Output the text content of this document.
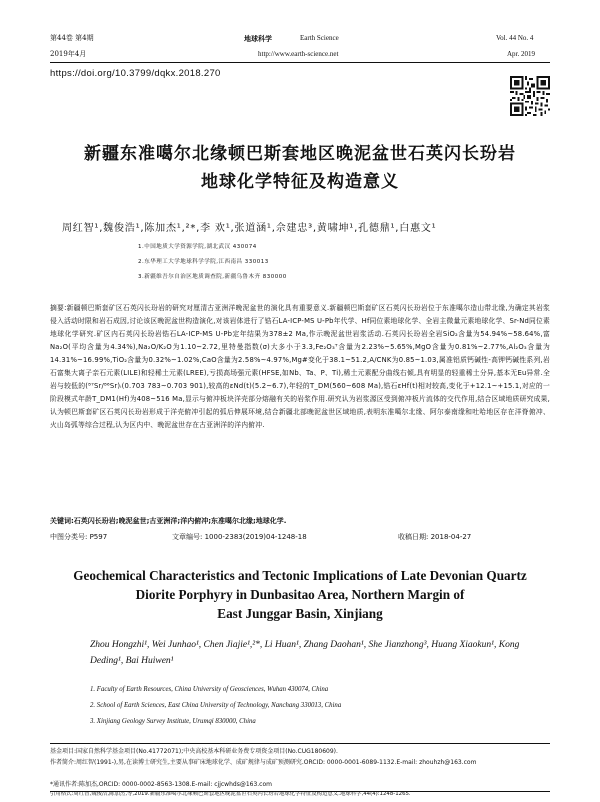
第44卷 第4期	地球科学	Earth Science	Vol. 44 No. 4
2019年4月	http://www.earth-science.net	Apr. 2019
https://doi.org/10.3799/dqkx.2018.270
新疆东准噶尔北缘顿巴斯套地区晚泥盆世石英闪长玢岩
地球化学特征及构造意义
周红智¹,魏俊浩¹,陈加杰¹,²*,李 欢¹,张道涵¹,佘建忠³,黄啸坤¹,孔德鼎¹,白惠文¹
1.中国地质大学资源学院,湖北武汉 430074
2.东华理工大学地球科学学院,江西南昌 330013
3.新疆维吾尔自治区地质调查院,新疆乌鲁木齐 830000
摘要:新疆顿巴斯套矿区石英闪长玢岩的研究对厘清古亚洲洋晚泥盆世的演化具有重要意义.新疆顿巴斯套矿区石英闪长玢岩位于东准噶尔造山带北缘,为确定其岩浆侵入活动时限和岩石成因,讨论该区晚泥盆世构造演化,对该岩体进行了锆石LA-ICP-MS U-Pb年代学、Hf同位素地球化学、全岩主微量元素地球化学、Sr-Nd同位素地球化学研究.矿区内石英闪长玢岩锆石LA-ICP-MS U-Pb定年结果为378±2 Ma,作示晚泥盆世岩浆活动.石英闪长玢岩全岩SiO₂含量为54.94%~58.64%,富Na₂O(平均含量为4.34%),Na₂O/K₂O为1.10~2.72,里特曼指数(σ)大多小于3.3,Fe₂O₃ᵀ含量为2.23%~5.65%,MgO含量为0.81%~2.77%,Al₂O₃含量为14.31%~16.99%,TiO₂含量为0.32%~1.02%,CaO含量为2.58%~4.97%,Mg#变化于38.1~51.2,A/CNK为0.85~1.03,属准铝质钙碱性-高钾钙碱性系列,岩石富集大离子亲石元素(LILE)和轻稀土元素(LREE),亏损高场强元素(HFSE,如Nb、Ta、P、Ti),稀土元素配分曲线右倾,具有明显的轻重稀土分异,基本无Eu异常.全岩与较低的(⁸⁷Sr/⁸⁶Sr)ᵢ(0.703 783~0.703 901),较高的εNd(t)(5.2~6.7),年轻的T_DM(560~608 Ma),锆石εHf(t)相对较高,变化于+12.1~+15.1,对应的一阶段模式年龄T_DM1(Hf)为408~516 Ma,显示与俯冲板块洋壳部分熔融有关的岩浆作用.研究认为岩浆源区受到俯冲板片流体的交代作用,结合区域地质研究成果,认为顿巴斯套矿区石英闪长玢岩形成于洋壳俯冲引起的弧后伸展环境,结合新疆北部晚泥盆世区域地质,表明东准噶尔北缘、阿尔泰南缘和吐哈地区存在洋脊俯冲、火山岛弧等综合过程,认为区内中、晚泥盆世存在古亚洲洋的洋内俯冲.
关键词:石英闪长玢岩;晚泥盆世;古亚洲洋;洋内俯冲;东准噶尔北缘;地球化学.
中图分类号: P597	文章编号: 1000-2383(2019)04-1248-18	收稿日期: 2018-04-27
Geochemical Characteristics and Tectonic Implications of Late Devonian Quartz
Diorite Porphyry in Dunbasitao Area, Northern Margin of
East Junggar Basin, Xinjiang
Zhou Hongzhi¹, Wei Junhao¹, Chen Jiajie¹,²*, Li Huan¹, Zhang Daohan¹, She Jianzhong³, Huang Xiaokun¹, Kong Deding¹, Bai Huiwen¹
1. Faculty of Earth Resources, China University of Geosciences, Wuhan 430074, China
2. School of Earth Sciences, East China University of Technology, Nanchang 330013, China
3. Xinjiang Geology Survey Institute, Urumqi 830000, China
基金项目:国家自然科学基金项目(No.41772071);中央高校基本科研业务费专项资金项目(No.CUG180609).
作者简介:周红智(1991-),男,在读博士研究生,主要从事矿床地球化学、成矿规律与成矿预测研究.ORCID: 0000-0001-6089-1132.E-mail: zhouhzh@163.com
*通讯作者:陈加杰,ORCID: 0000-0002-8563-1308.E-mail: cjjcwhds@163.com
引用格式:周红智,魏俊浩,陈加杰,等,2019.新疆东准噶尔北缘顿巴斯套地区晚泥盆世石英闪长玢岩地球化学特征及构造意义.地球科学,44(4):1248-1265.
